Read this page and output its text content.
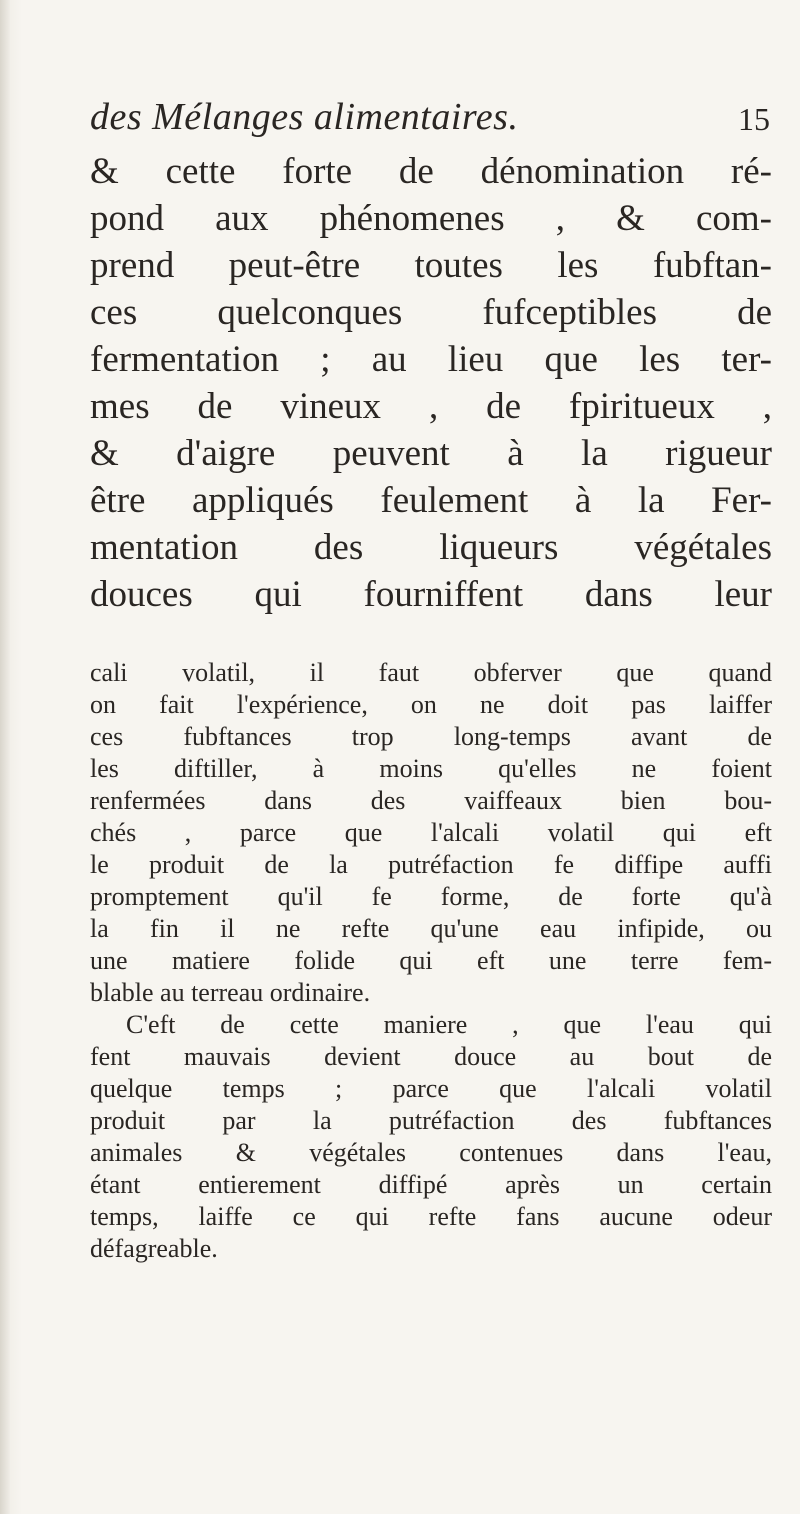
des Mélanges alimentaires.	15
& cette forte de dénomination ré-
pond aux phénomenes , & com-
prend peut-être toutes les fubftan-
ces quelconques fufceptibles de
fermentation ; au lieu que les ter-
mes de vineux , de fpiritueux ,
& d'aigre peuvent à la rigueur
être appliqués feulement à la Fer-
mentation des liqueurs végétales
douces qui fourniffent dans leur
cali volatil, il faut obferver que quand
on fait l'expérience, on ne doit pas laiffer
ces fubftances trop long-temps avant de
les diftiller, à moins qu'elles ne foient
renfermées dans des vaiffeaux bien bou-
chés , parce que l'alcali volatil qui eft
le produit de la putréfaction fe diffipe auffi
promptement qu'il fe forme, de forte qu'à
la fin il ne refte qu'une eau infipide, ou
une matiere folide qui eft une terre fem-
blable au terreau ordinaire.
C'eft de cette maniere , que l'eau qui
fent mauvais devient douce au bout de
quelque temps ; parce que l'alcali volatil
produit par la putréfaction des fubftances
animales & végétales contenues dans l'eau,
étant entierement diffipé après un certain
temps, laiffe ce qui refte fans aucune odeur
défagreable.
